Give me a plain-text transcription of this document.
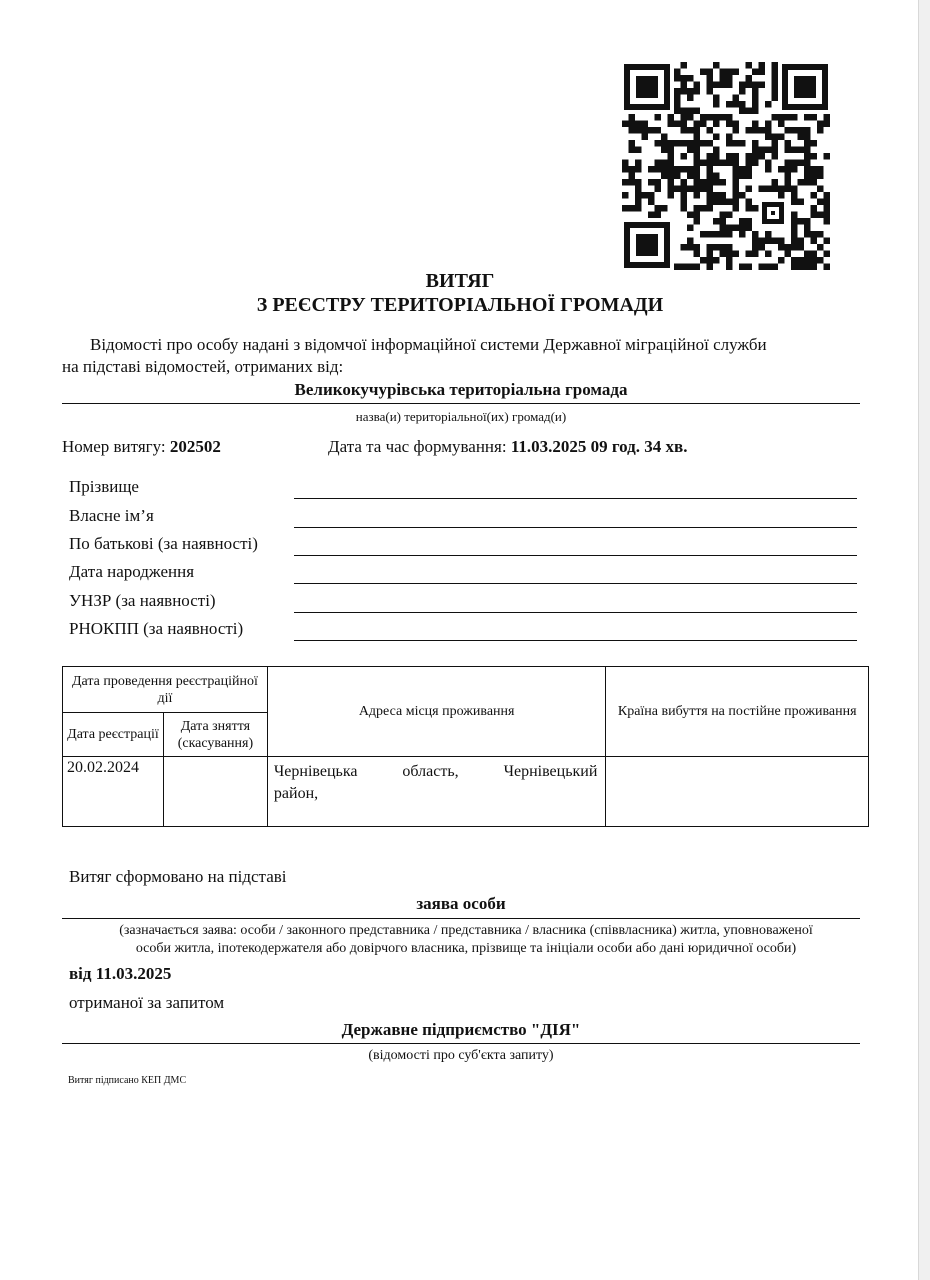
ВИТЯГ
З РЕЄСТРУ ТЕРИТОРІАЛЬНОЇ ГРОМАДИ
Відомості про особу надані з відомчої інформаційної системи Державної міграційної служби
на підставі відомостей, отриманих від:
Великокучурівська територіальна громада
назва(и) територіальної(их) громад(и)
Номер витягу: 202502	Дата та час формування: 11.03.2025 09 год. 34 хв.
Прізвище
Власне ім’я
По батькові (за наявності)
Дата народження
УНЗР (за наявності)
РНОКПП (за наявності)
Дата проведення реєстраційної дії		Адреса місця проживання	Країна вибуття на постійне проживання
Дата реєстрації	Дата зняття (скасування)		
20.02.2024		Чернівецька область, Чернівецький
район,	

Витяг сформовано на підставі
заява особи
(зазначається заява: особи / законного представника / представника / власника (співвласника) житла, уповноваженої
особи житла, іпотекодержателя або довірчого власника, прізвище та ініціали особи або дані юридичної особи)
від 11.03.2025
отриманої за запитом
Державне підприємство "ДІЯ"
(відомості про суб'єкта запиту)
Витяг підписано КЕП ДМС
